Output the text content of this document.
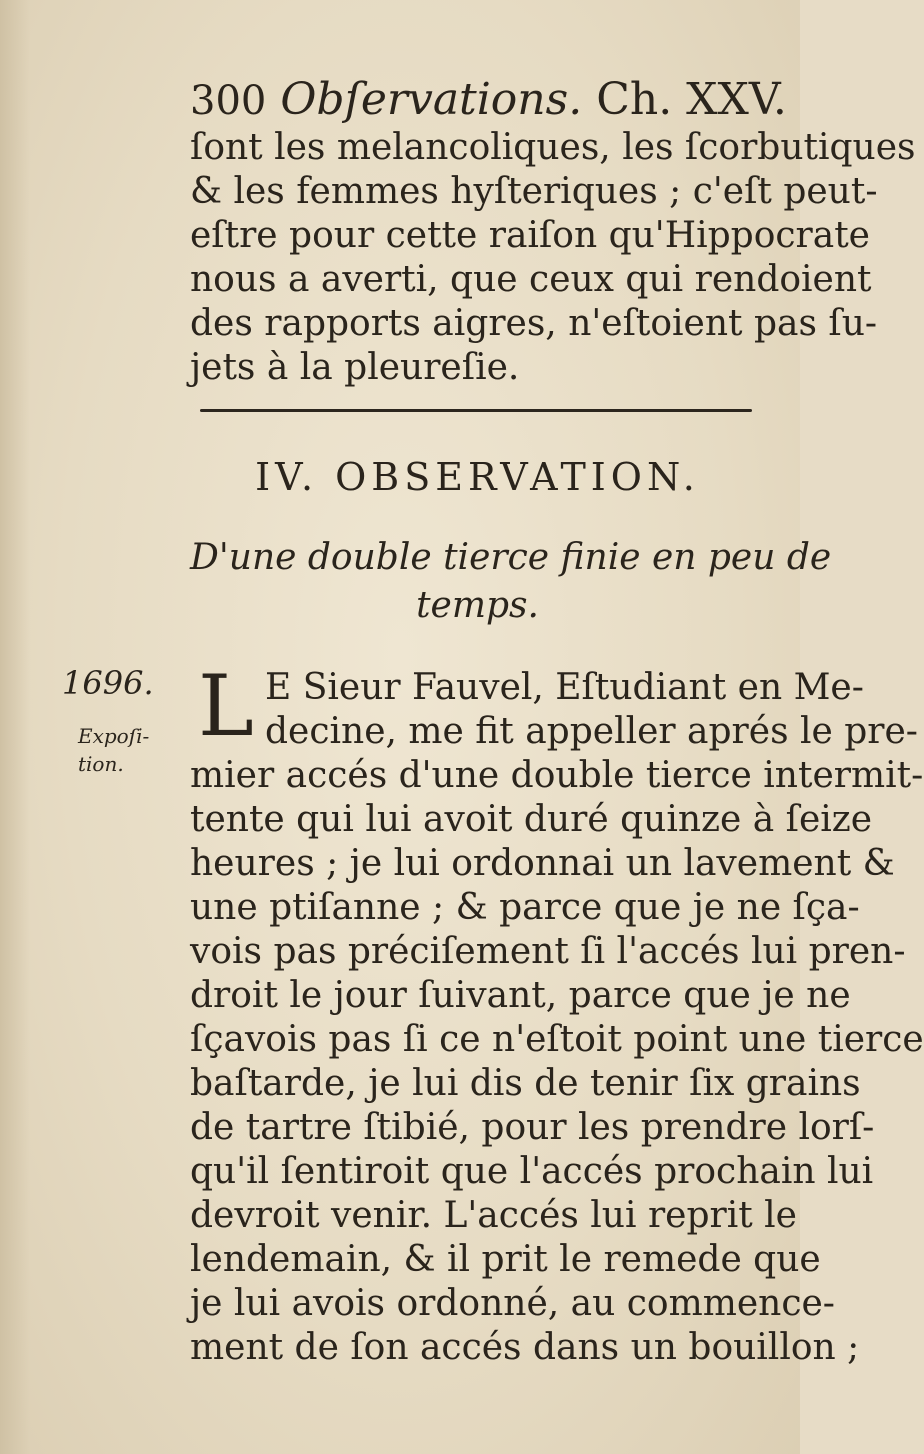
300 Obſervations. Ch. XXV.
ſont les melancoliques, les ſcorbutiques
& les femmes hyſteriques ; c'eſt peut-
eſtre pour cette raiſon qu'Hippocrate
nous a averti, que ceux qui rendoient
des rapports aigres, n'eſtoient pas ſu-
jets à la pleureſie.
IV. OBSERVATION.
D'une double tierce finie en peu de
temps.
1696.
Expoſi-
tion.
L E Sieur Fauvel, Eſtudiant en Me-
decine, me fit appeller aprés le pre-
mier accés d'une double tierce intermit-
tente qui lui avoit duré quinze à ſeize
heures ; je lui ordonnai un lavement &
une ptiſanne ; & parce que je ne ſça-
vois pas préciſement ſi l'accés lui pren-
droit le jour ſuivant, parce que je ne
ſçavois pas ſi ce n'eſtoit point une tierce
baſtarde, je lui dis de tenir ſix grains
de tartre ſtibié, pour les prendre lorſ-
qu'il ſentiroit que l'accés prochain lui
devroit venir. L'accés lui reprit le
lendemain, & il prit le remede que
je lui avois ordonné, au commence-
ment de ſon accés dans un bouillon ;
